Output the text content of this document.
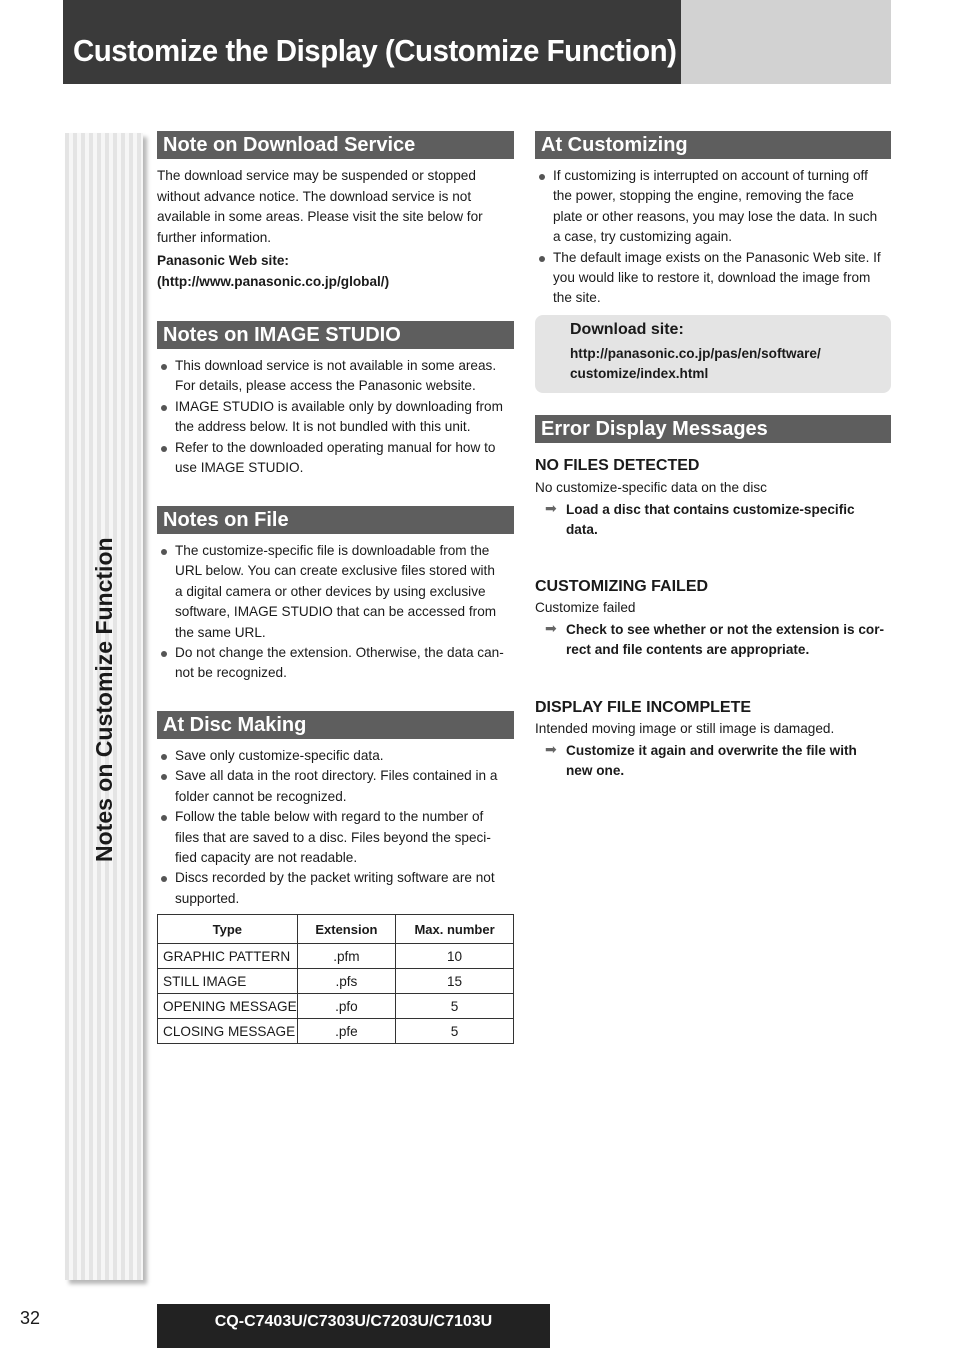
Customize the Display (Customize Function)

Notes on Customize Function

Note on Download Service
The download service may be suspended or stopped
without advance notice. The download service is not
available in some areas. Please visit the site below for
further information.

Panasonic Web site:

(http://www.panasonic.co.jp/global/)

Notes on IMAGE STUDIO
This download service is not available in some areas.
For details, please access the Panasonic website.
IMAGE STUDIO is available only by downloading from
the address below. It is not bundled with this unit.
Refer to the downloaded operating manual for how to
use IMAGE STUDIO.
Notes on File
The customize-specific file is downloadable from the
URL below. You can create exclusive files stored with
a digital camera or other devices by using exclusive
software, IMAGE STUDIO that can be accessed from
the same URL.
Do not change the extension. Otherwise, the data can-
not be recognized.
At Disc Making
Save only customize-specific data.
Save all data in the root directory. Files contained in a
folder cannot be recognized.
Follow the table below with regard to the number of
files that are saved to a disc. Files beyond the speci-
fied capacity are not readable.
Discs recorded by the packet writing software are not
supported.
Type	Extension	Max. number
GRAPHIC PATTERN	.pfm	10
STILL IMAGE	.pfs	15
OPENING MESSAGE	.pfo	5
CLOSING MESSAGE	.pfe	5
At Customizing
If customizing is interrupted on account of turning off
the power, stopping the engine, removing the face
plate or other reasons, you may lose the data. In such
a case, try customizing again.
The default image exists on the Panasonic Web site. If
you would like to restore it, download the image from
the site.

Download site:

http://panasonic.co.jp/pas/en/software/
customize/index.html
Error Display Messages

NO FILES DETECTED

No customize-specific data on the disc

➡ Load a disc that contains customize-specific
data.

CUSTOMIZING FAILED

Customize failed

➡ Check to see whether or not the extension is cor-
rect and file contents are appropriate.

DISPLAY FILE INCOMPLETE

Intended moving image or still image is damaged.

➡ Customize it again and overwrite the file with
new one.

32	CQ-C7403U/C7303U/C7203U/C7103U
